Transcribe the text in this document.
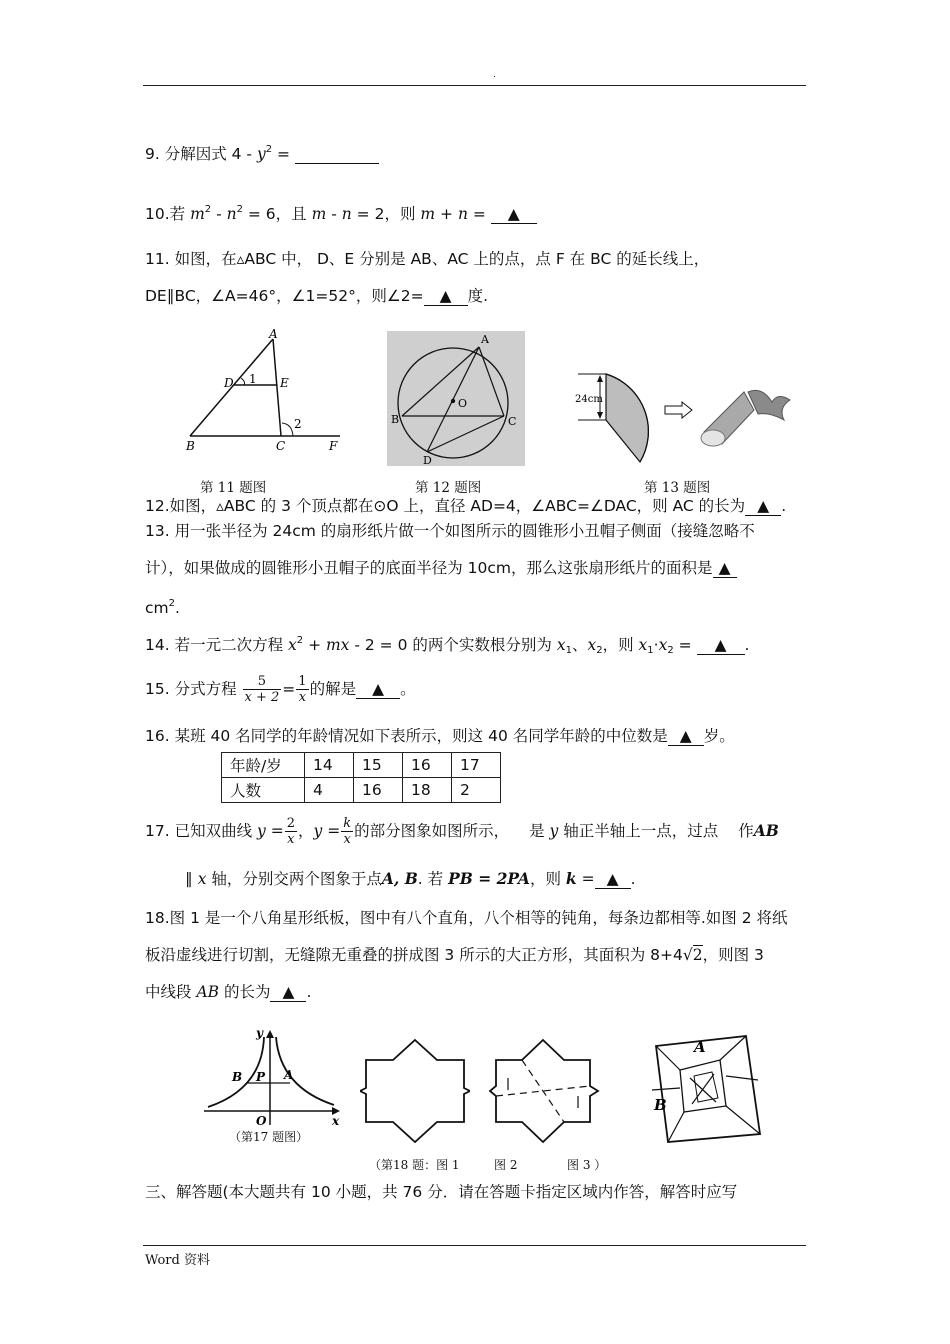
.
9. 分解因式 $4 - y^2$ =
10.若 $m^2 - n^2 = 6$，且 m - n = 2，则 m + n = ▲
11. 如图，在▵ABC 中， D、E 分别是 AB、AC 上的点，点 F 在 BC 的延长线上，
DE∥BC，∠A=46°，∠1=52°，则∠2= ▲ 度.
A
D 1 E
2
B	C	F
第 11 题图
A
B	C
D
O
第 12 题图
24cm
第 13 题图
12.如图，▵ABC 的 3 个顶点都在⊙O 上，直径 AD=4，∠ABC=∠DAC，则 AC 的长为 ▲ .
13. 用一张半径为 24cm 的扇形纸片做一个如图所示的圆锥形小丑帽子侧面（接缝忽略不
计），如果做成的圆锥形小丑帽子的底面半径为 10cm，那么这张扇形纸片的面积是 ▲
$cm^2$.
14. 若一元二次方程 $x^2$ + mx - 2 = 0 的两个实数根分别为 $x_1$、$x_2$，则 $x_1\cdot x_2$ = ▲ .
15. 分式方程 $\frac{5}{x + 2} = \frac{1}{x}$ 的解是 ▲ 。
16. 某班 40 名同学的年龄情况如下表所示，则这 40 名同学年龄的中位数是 ▲ 岁。
年龄/岁	14	15	16	17
人数	4	16	18	2
17. 已知双曲线 $y = \frac{2}{x}$ ，$y = \frac{k}{x}$ 的部分图象如图所示， 是 y 轴正半轴上一点，过点 作AB
∥ x 轴，分别交两个图象于点A, B. 若 PB = 2PA，则 k = ▲ .
18.图 1 是一个八角星形纸板，图中有八个直角，八个相等的钝角，每条边都相等.如图 2 将纸
板沿虚线进行切割，无缝隙无重叠的拼成图 3 所示的大正方形，其面积为 8+4√2，则图 3
中线段 AB 的长为 ▲ .
y
x
O
B P A
（第17 题图）
A
B
（第18 题：图 1	图 2	图 3 ）
三、解答题(本大题共有 10 小题，共 76 分．请在答题卡指定区域内作答，解答时应写
Word 资料
